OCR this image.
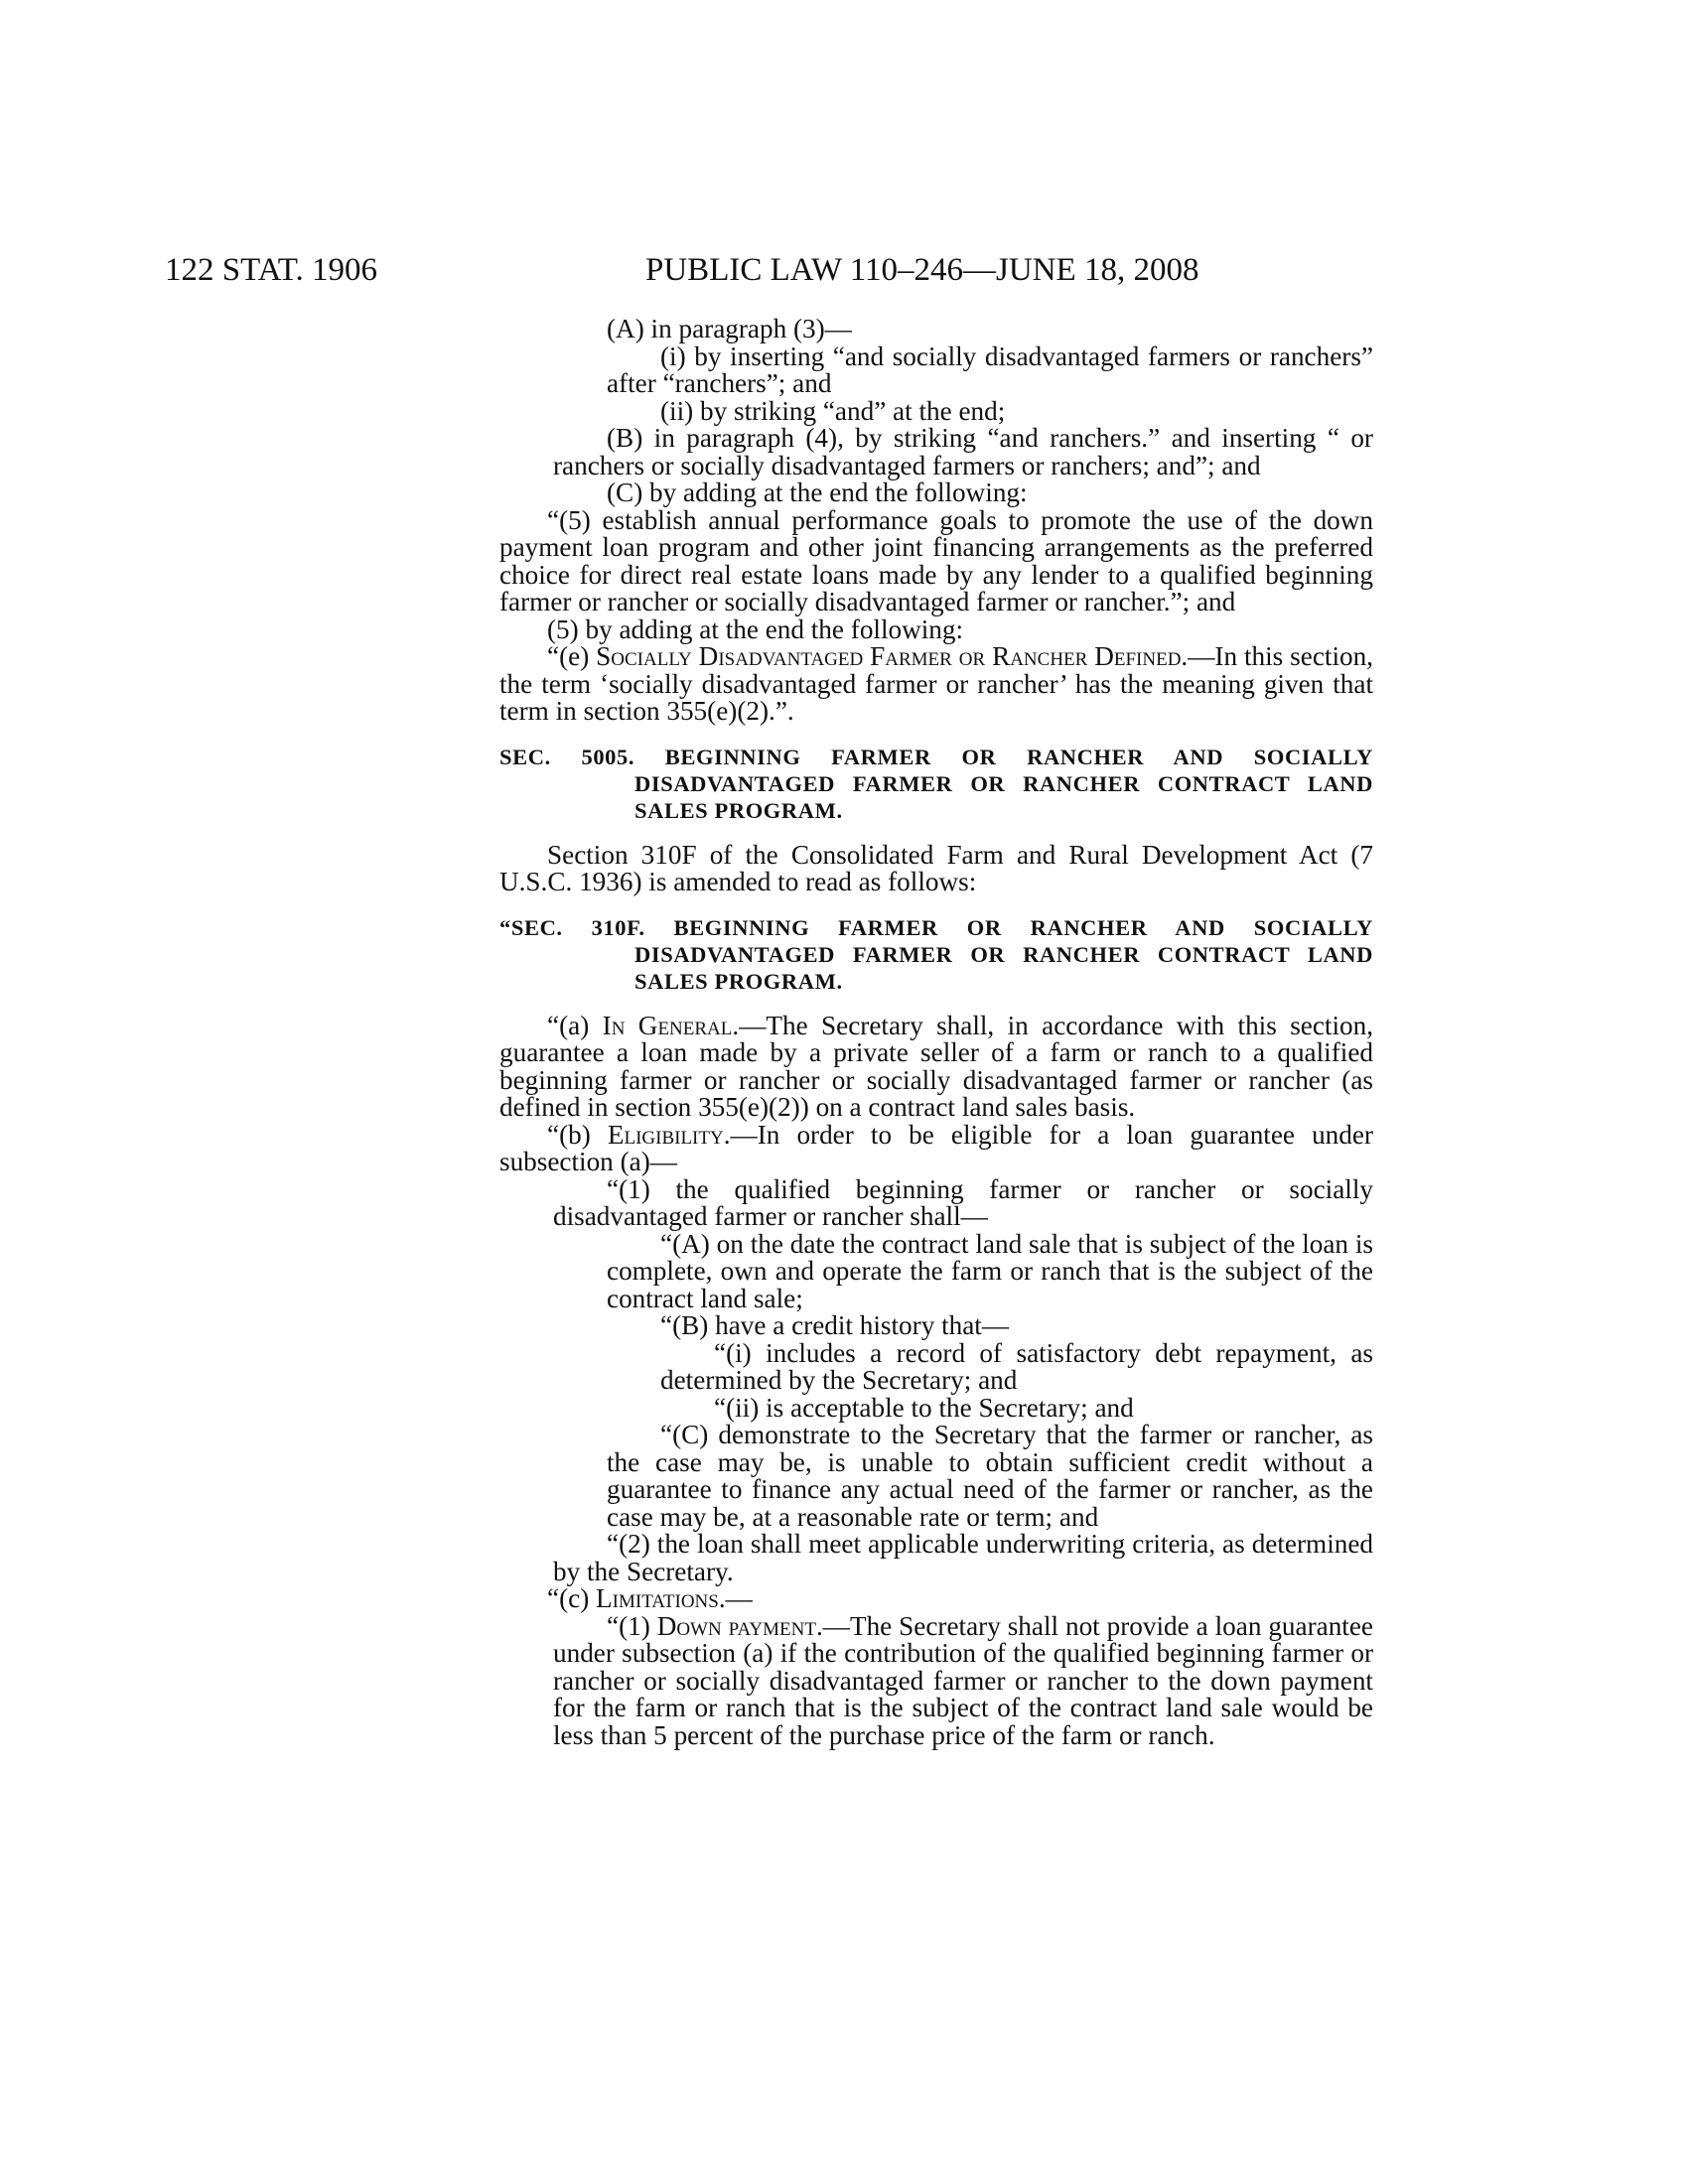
122 STAT. 1906	PUBLIC LAW 110–246—JUNE 18, 2008

(A) in paragraph (3)—

(i) by inserting “and socially disadvantaged farmers or ranchers” after “ranchers”; and

(ii) by striking “and” at the end;

(B) in paragraph (4), by striking “and ranchers.” and inserting “ or ranchers or socially disadvantaged farmers or ranchers; and”; and

(C) by adding at the end the following:

“(5) establish annual performance goals to promote the use of the down payment loan program and other joint financing arrangements as the preferred choice for direct real estate loans made by any lender to a qualified beginning farmer or rancher or socially disadvantaged farmer or rancher.”; and

(5) by adding at the end the following:

“(e) Socially Disadvantaged Farmer or Rancher Defined.—In this section, the term ‘socially disadvantaged farmer or rancher’ has the meaning given that term in section 355(e)(2).”.

SEC. 5005. BEGINNING FARMER OR RANCHER AND SOCIALLY DISADVANTAGED FARMER OR RANCHER CONTRACT LAND SALES PROGRAM.

Section 310F of the Consolidated Farm and Rural Development Act (7 U.S.C. 1936) is amended to read as follows:

“SEC. 310F. BEGINNING FARMER OR RANCHER AND SOCIALLY DISADVANTAGED FARMER OR RANCHER CONTRACT LAND SALES PROGRAM.

“(a) In General.—The Secretary shall, in accordance with this section, guarantee a loan made by a private seller of a farm or ranch to a qualified beginning farmer or rancher or socially disadvantaged farmer or rancher (as defined in section 355(e)(2)) on a contract land sales basis.

“(b) Eligibility.—In order to be eligible for a loan guarantee under subsection (a)—

“(1) the qualified beginning farmer or rancher or socially disadvantaged farmer or rancher shall—

“(A) on the date the contract land sale that is subject of the loan is complete, own and operate the farm or ranch that is the subject of the contract land sale;

“(B) have a credit history that—

“(i) includes a record of satisfactory debt repayment, as determined by the Secretary; and

“(ii) is acceptable to the Secretary; and

“(C) demonstrate to the Secretary that the farmer or rancher, as the case may be, is unable to obtain sufficient credit without a guarantee to finance any actual need of the farmer or rancher, as the case may be, at a reasonable rate or term; and

“(2) the loan shall meet applicable underwriting criteria, as determined by the Secretary.

“(c) Limitations.—

“(1) Down payment.—The Secretary shall not provide a loan guarantee under subsection (a) if the contribution of the qualified beginning farmer or rancher or socially disadvantaged farmer or rancher to the down payment for the farm or ranch that is the subject of the contract land sale would be less than 5 percent of the purchase price of the farm or ranch.
